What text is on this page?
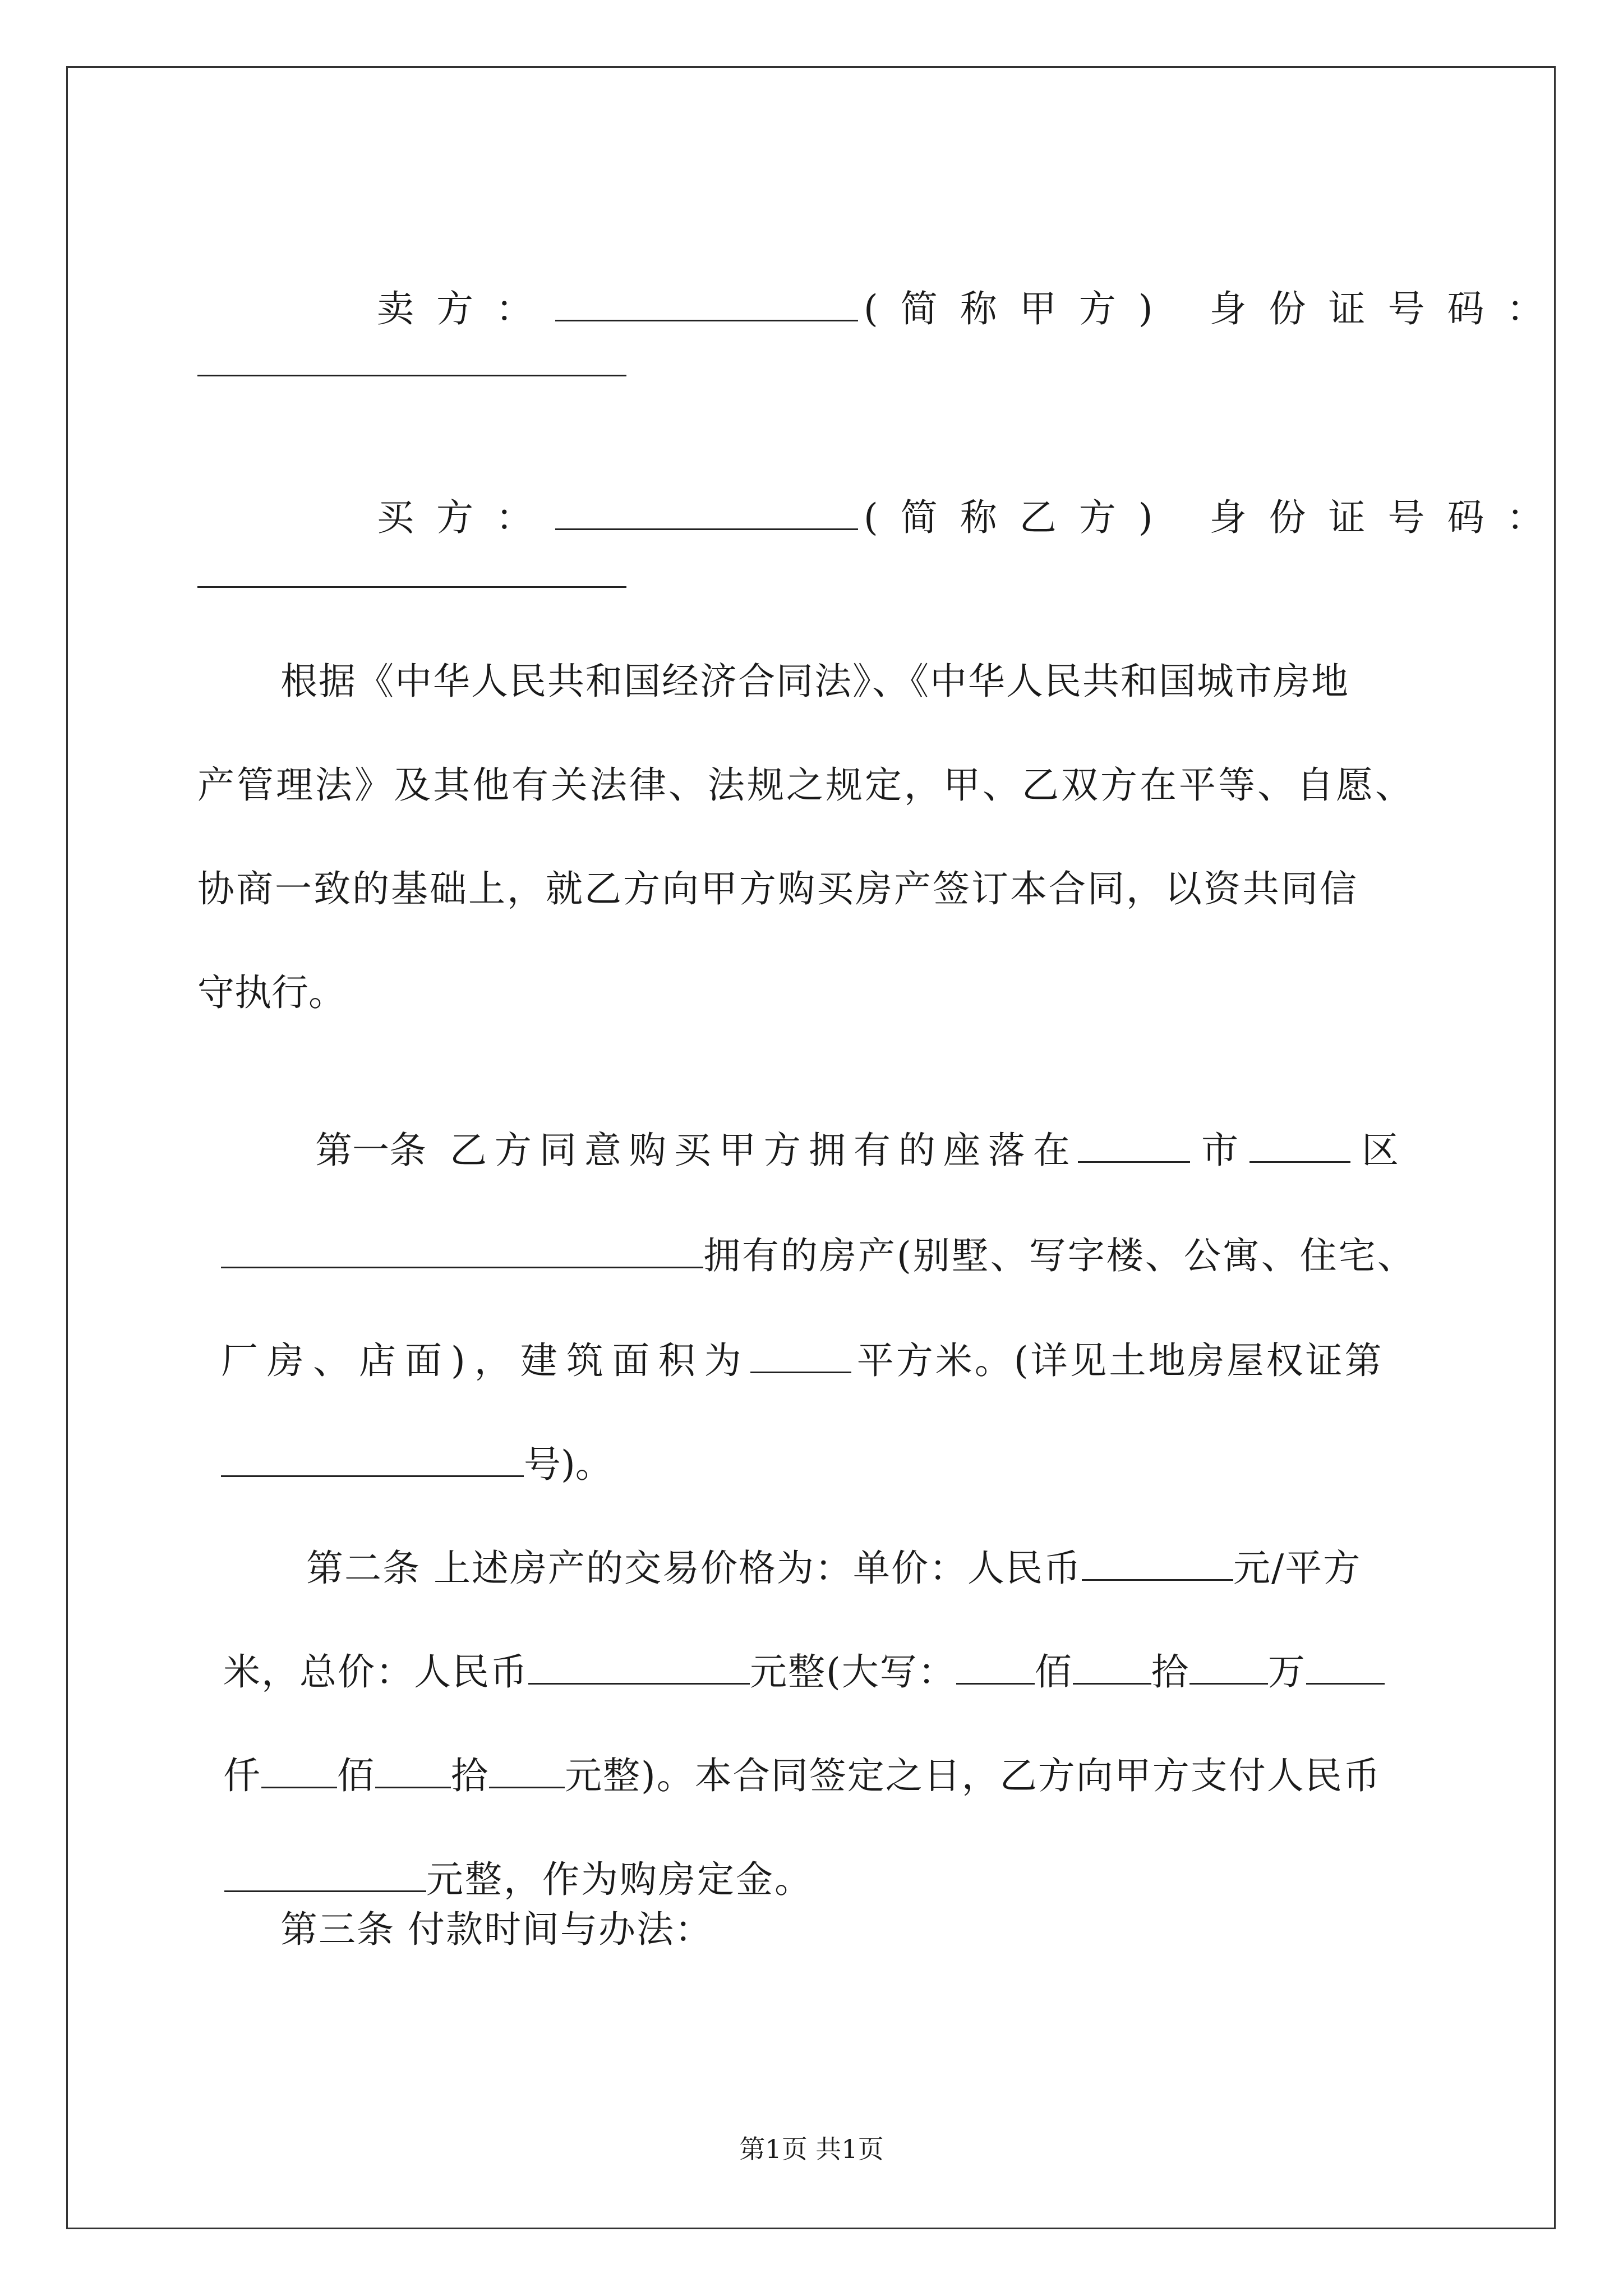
卖方：	(简称甲方) 身份证号码：

买方：	(简称乙方) 身份证号码：

根据《中华人民共和国经济合同法》、《中华人民共和国城市房地
产管理法》及其他有关法律、法规之规定，甲、乙双方在平等、自愿、
协商一致的基础上，就乙方向甲方购买房产签订本合同，以资共同信
守执行。

第一条 乙方同意购买甲方拥有的座落在	市	区

拥有的房产(别墅、写字楼、公寓、住宅、

厂房、店面)，建筑面积为	平方米。(详见土地房屋权证第

号)。

第二条 上述房产的交易价格为：单价：人民币	元/平方

米，总价：人民币	元整(大写： 佰 拾 万

仟 佰 拾 元整)。本合同签定之日，乙方向甲方支付人民币

元整，作为购房定金。

第三条 付款时间与办法：
第1页 共1页
